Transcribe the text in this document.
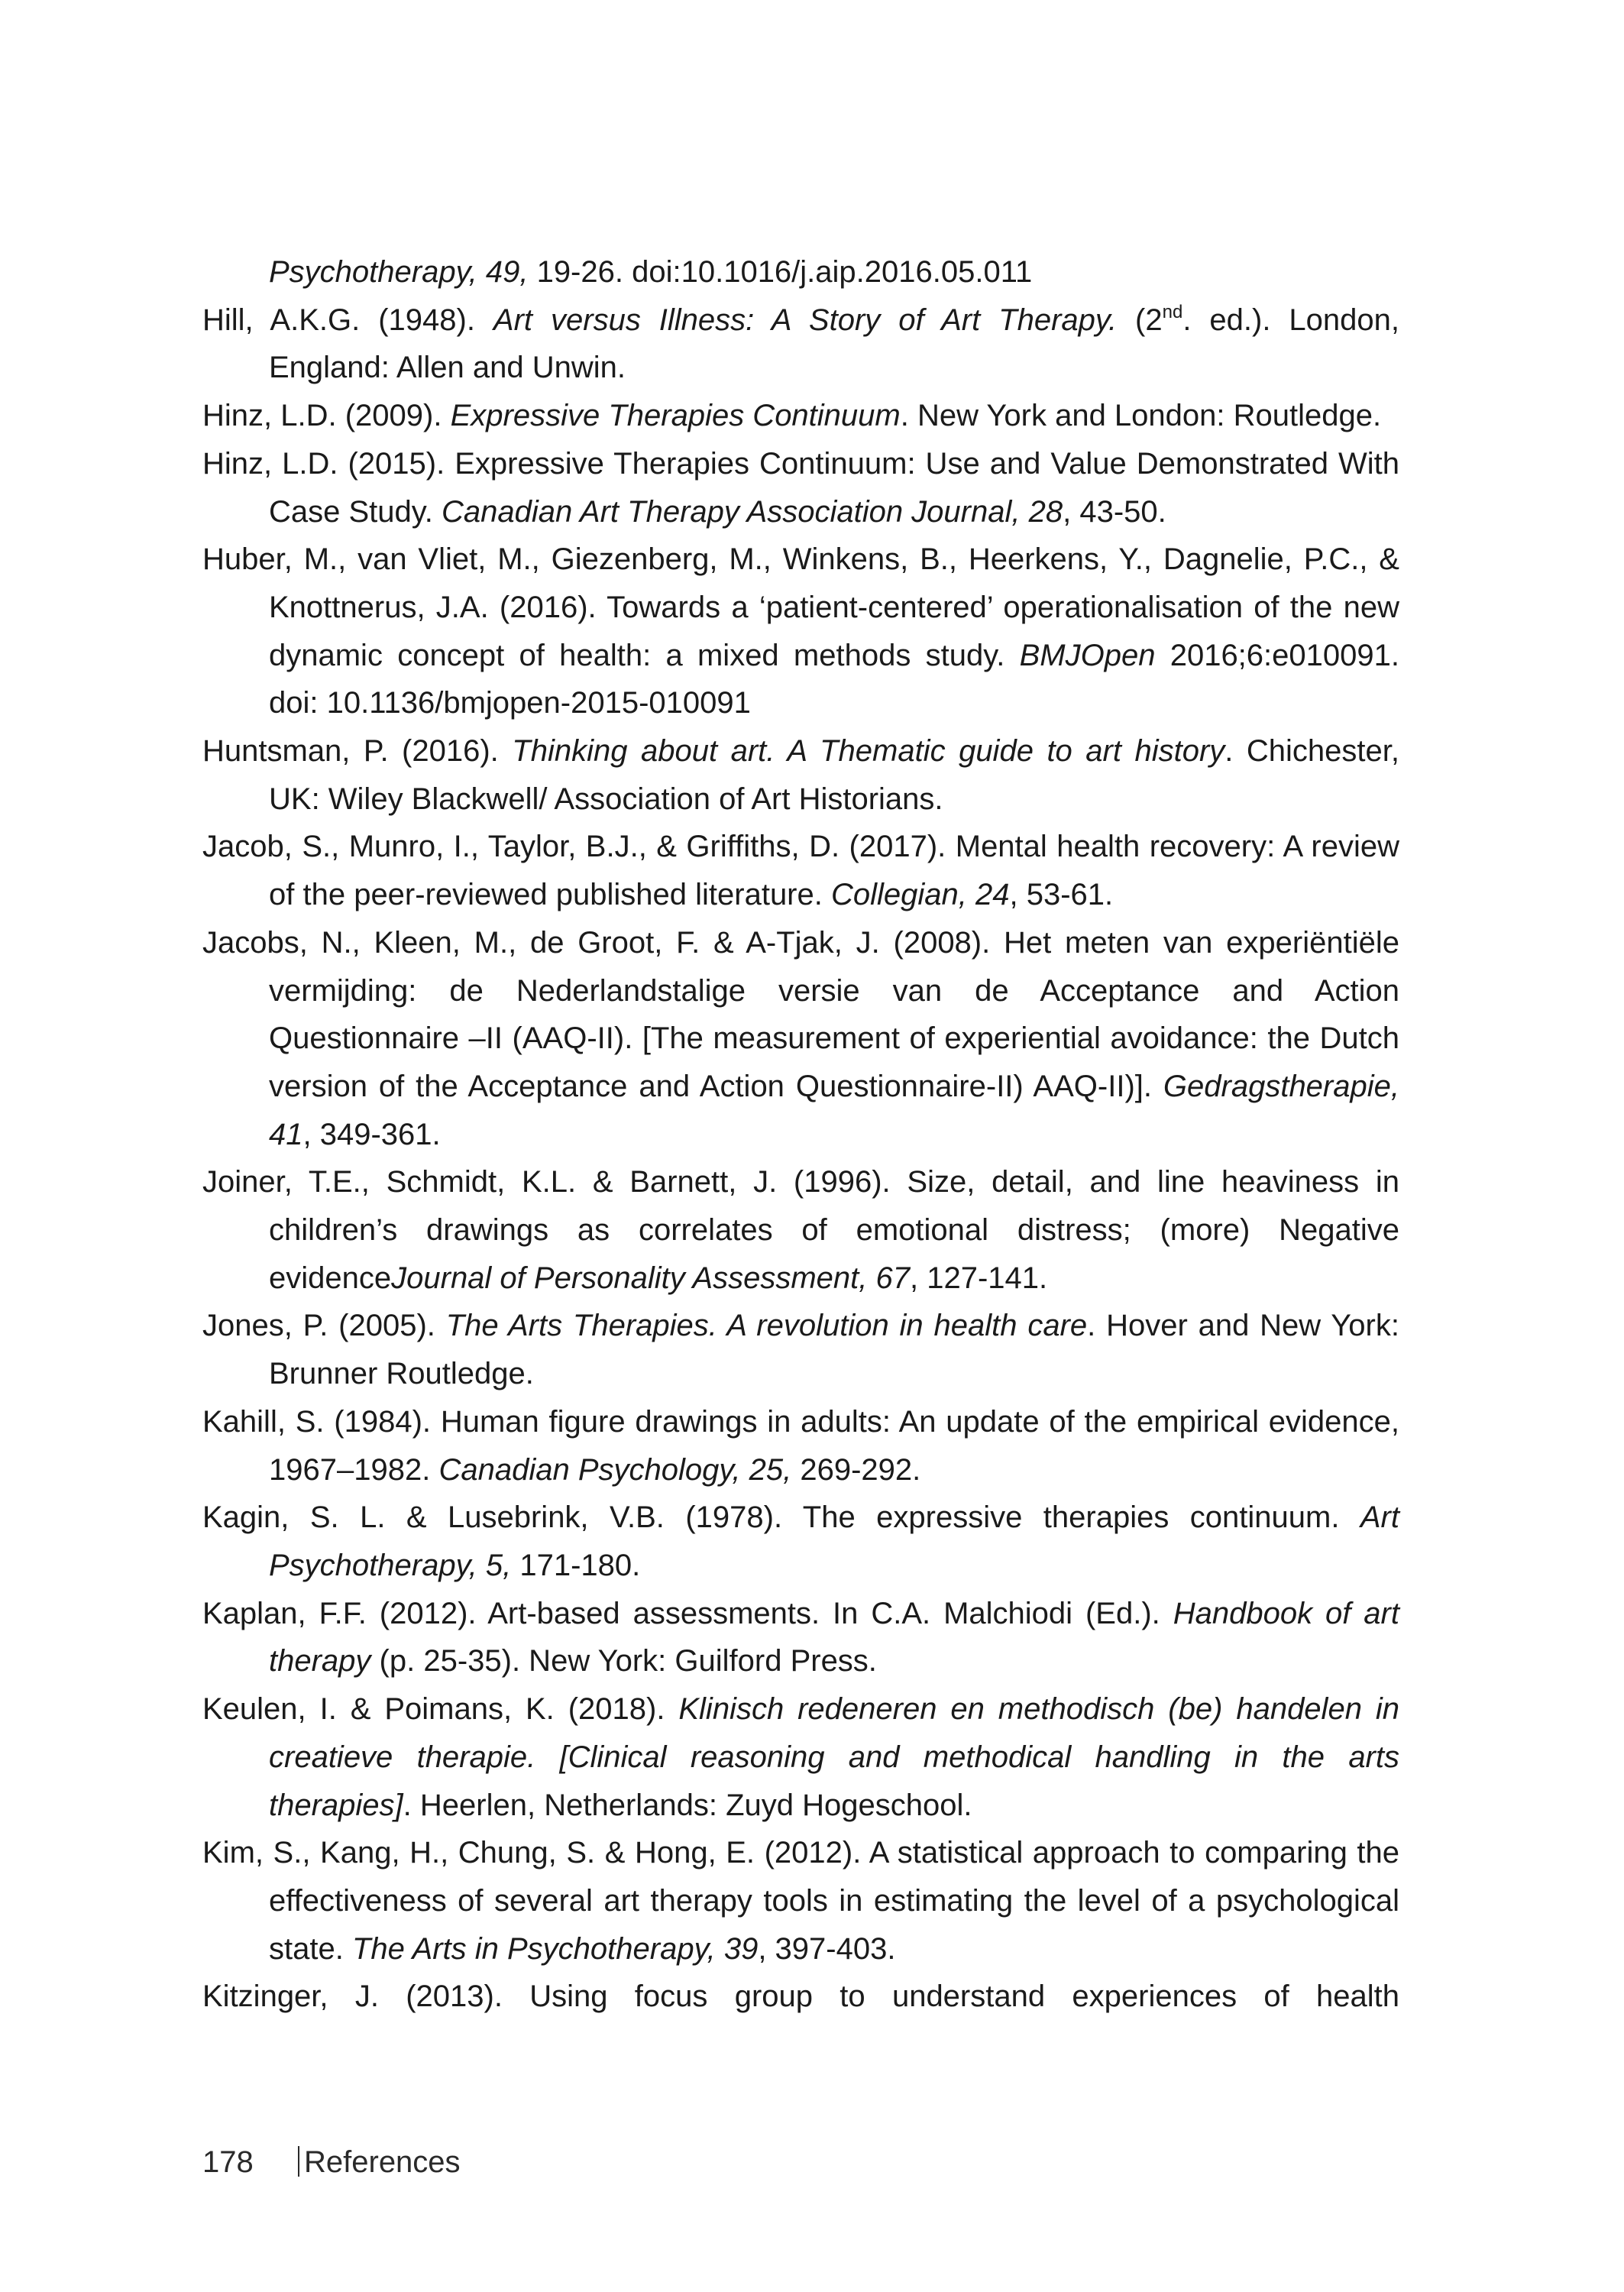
Psychotherapy, 49, 19-26. doi:10.1016/j.aip.2016.05.011

Hill, A.K.G. (1948). Art versus Illness: A Story of Art Therapy. (2nd. ed.). London, England: Allen and Unwin.

Hinz, L.D. (2009). Expressive Therapies Continuum. New York and London: Routledge.

Hinz, L.D. (2015). Expressive Therapies Continuum: Use and Value Demonstrated With Case Study. Canadian Art Therapy Association Journal, 28, 43-50.

Huber, M., van Vliet, M., Giezenberg, M., Winkens, B., Heerkens, Y., Dagnelie, P.C., & Knottnerus, J.A. (2016). Towards a ‘patient-centered’ operationalisation of the new dynamic concept of health: a mixed methods study. BMJOpen 2016;6:e010091. doi: 10.1136/bmjopen-2015-010091

Huntsman, P. (2016). Thinking about art. A Thematic guide to art history. Chichester, UK: Wiley Blackwell/ Association of Art Historians.

Jacob, S., Munro, I., Taylor, B.J., & Griffiths, D. (2017). Mental health recovery: A review of the peer-reviewed published literature. Collegian, 24, 53-61.

Jacobs, N., Kleen, M., de Groot, F. & A-Tjak, J. (2008). Het meten van experiëntiële vermijding: de Nederlandstalige versie van de Acceptance and Action Questionnaire –II (AAQ-II). [The measurement of experiential avoidance: the Dutch version of the Acceptance and Action Questionnaire-II) AAQ-II)]. Gedragstherapie, 41, 349-361.

Joiner, T.E., Schmidt, K.L. & Barnett, J. (1996). Size, detail, and line heaviness in children’s drawings as correlates of emotional distress; (more) Negative evidenceJournal of Personality Assessment, 67, 127-141.

Jones, P. (2005). The Arts Therapies. A revolution in health care. Hover and New York: Brunner Routledge.

Kahill, S. (1984). Human figure drawings in adults: An update of the empirical evidence, 1967–1982. Canadian Psychology, 25, 269-292.

Kagin, S. L. & Lusebrink, V.B. (1978). The expressive therapies continuum. Art Psychotherapy, 5, 171-180.

Kaplan, F.F. (2012). Art-based assessments. In C.A. Malchiodi (Ed.). Handbook of art therapy (p. 25-35). New York: Guilford Press.

Keulen, I. & Poimans, K. (2018). Klinisch redeneren en methodisch (be) handelen in creatieve therapie. [Clinical reasoning and methodical handling in the arts therapies]. Heerlen, Netherlands: Zuyd Hogeschool.

Kim, S., Kang, H., Chung, S. & Hong, E. (2012). A statistical approach to comparing the effectiveness of several art therapy tools in estimating the level of a psychological state. The Arts in Psychotherapy, 39, 397-403.

Kitzinger, J. (2013). Using focus group to understand experiences of health

178 References
